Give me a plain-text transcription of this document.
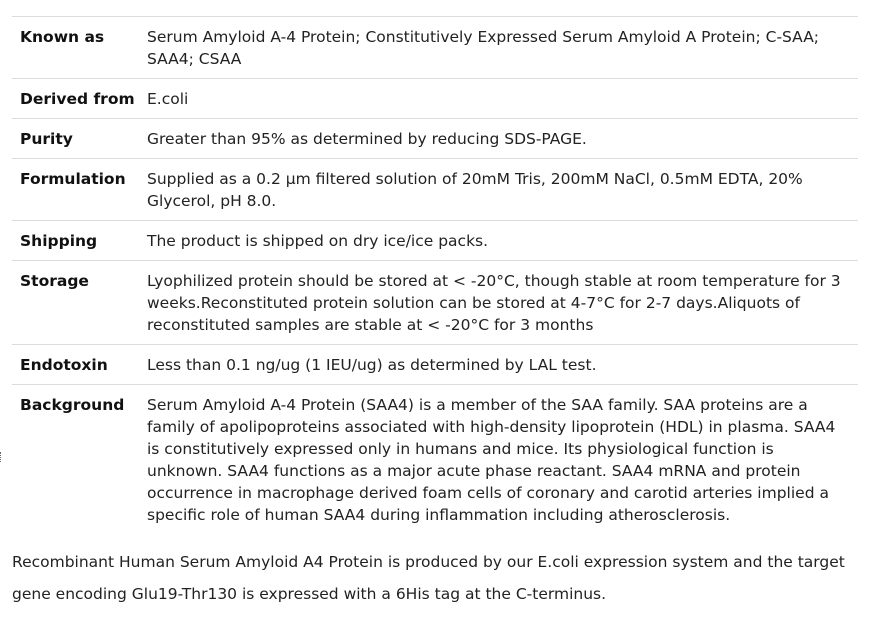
Known as	Serum Amyloid A-4 Protein; Constitutively Expressed Serum Amyloid A Protein; C-SAA; SAA4; CSAA
Derived from	E.coli
Purity	Greater than 95% as determined by reducing SDS-PAGE.
Formulation	Supplied as a 0.2 μm filtered solution of 20mM Tris, 200mM NaCl, 0.5mM EDTA, 20% Glycerol, pH 8.0.
Shipping	The product is shipped on dry ice/ice packs.
Storage	Lyophilized protein should be stored at < -20°C, though stable at room temperature for 3 weeks.Reconstituted protein solution can be stored at 4-7°C for 2-7 days.Aliquots of reconstituted samples are stable at < -20°C for 3 months
Endotoxin	Less than 0.1 ng/ug (1 IEU/ug) as determined by LAL test.
Background	Serum Amyloid A-4 Protein (SAA4) is a member of the SAA family. SAA proteins are a family of apolipoproteins associated with high-density lipoprotein (HDL) in plasma. SAA4 is constitutively expressed only in humans and mice. Its physiological function is unknown. SAA4 functions as a major acute phase reactant. SAA4 mRNA and protein occurrence in macrophage derived foam cells of coronary and carotid arteries implied a specific role of human SAA4 during inflammation including atherosclerosis.

Recombinant Human Serum Amyloid A4 Protein is produced by our E.coli expression system and the target gene encoding Glu19-Thr130 is expressed with a 6His tag at the C-terminus.
